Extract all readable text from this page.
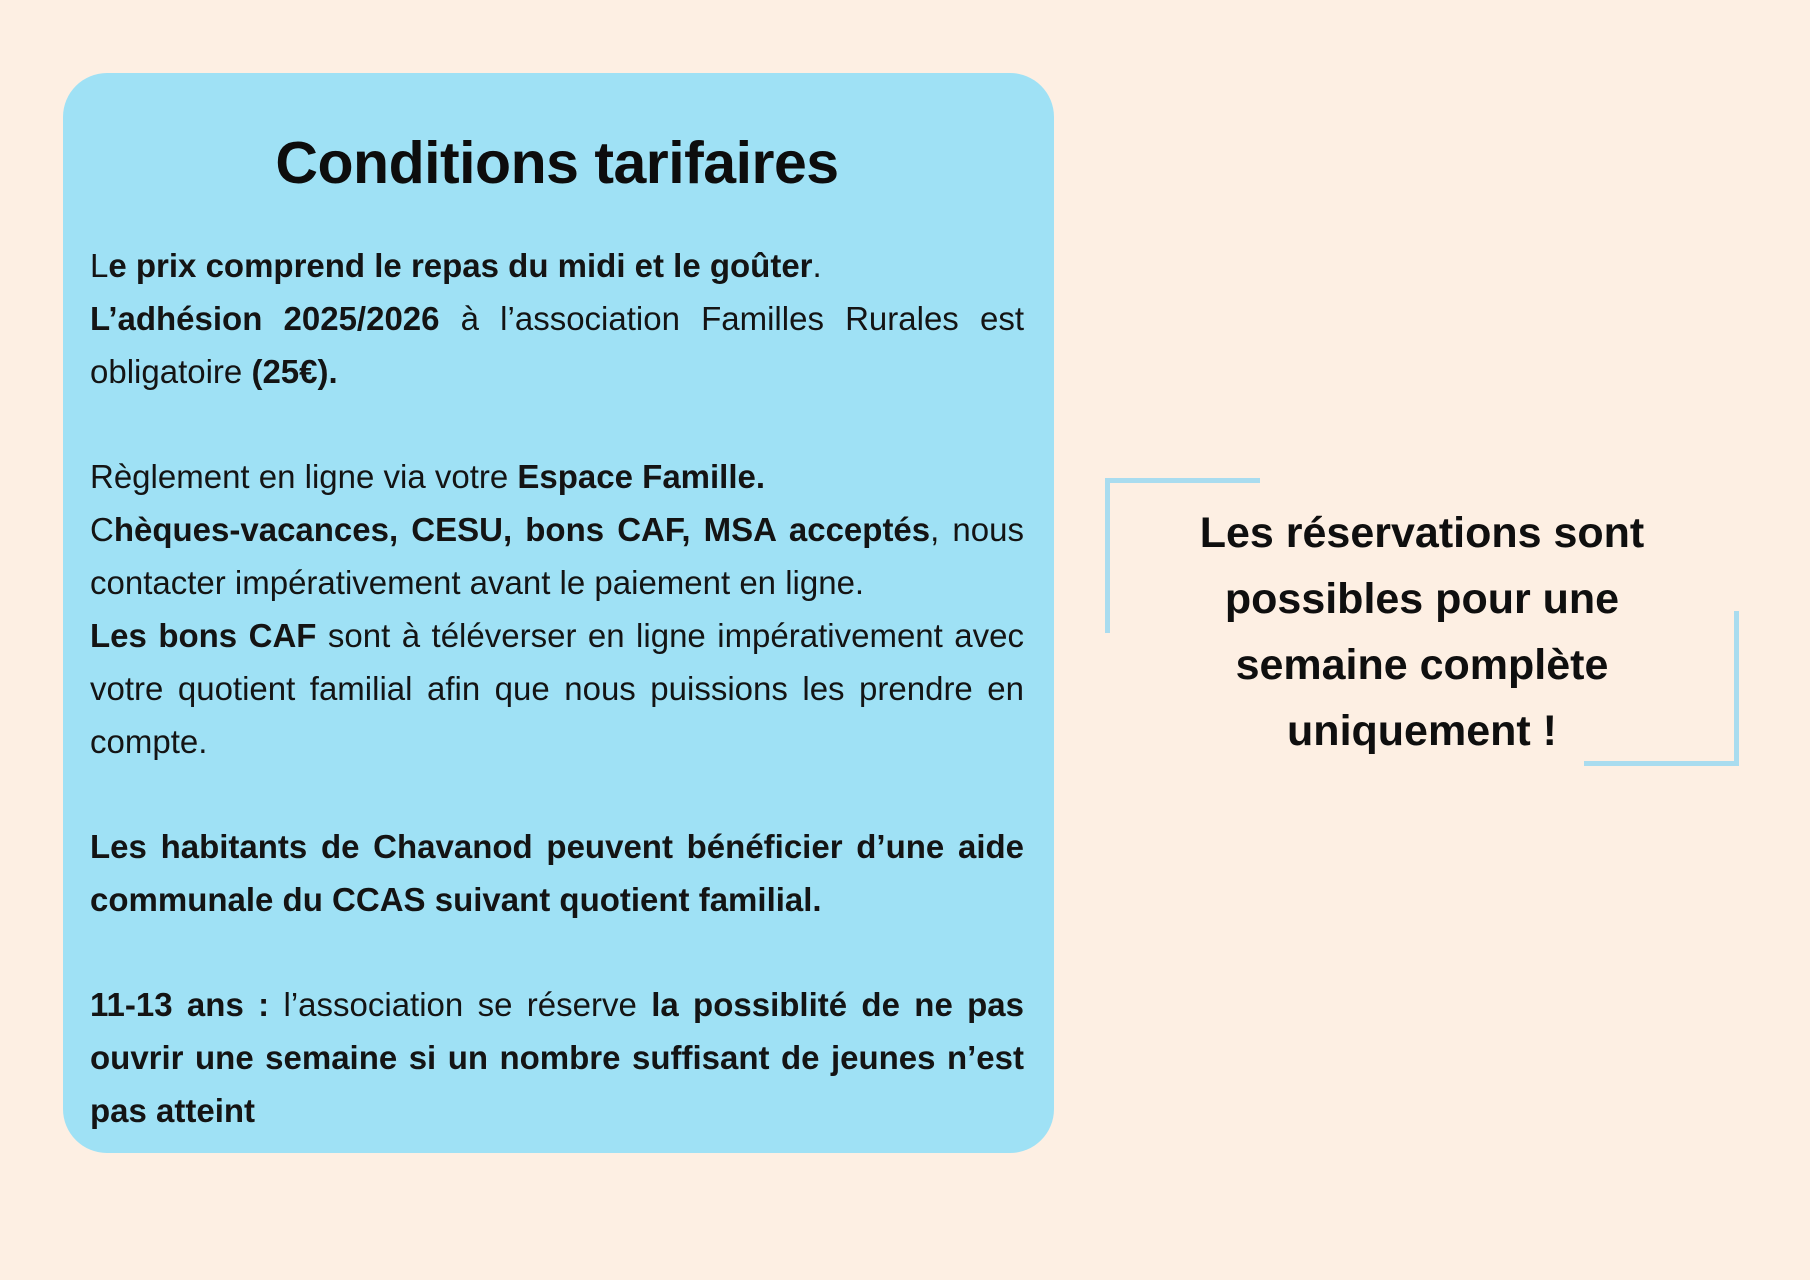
Conditions tarifaires

Le prix comprend le repas du midi et le goûter.

L’adhésion 2025/2026 à l’association Familles Rurales est obligatoire (25€).

Règlement en ligne via votre Espace Famille.

Chèques-vacances, CESU, bons CAF, MSA acceptés, nous contacter impérativement avant le paiement en ligne.

Les bons CAF sont à téléverser en ligne impérativement avec votre quotient familial afin que nous puissions les prendre en compte.

Les habitants de Chavanod peuvent bénéficier d’une aide communale du CCAS suivant quotient familial.

11-13 ans : l’association se réserve la possiblité de ne pas ouvrir une semaine si un nombre suffisant de jeunes n’est pas atteint

Les réservations sont
possibles pour une
semaine complète
uniquement !
